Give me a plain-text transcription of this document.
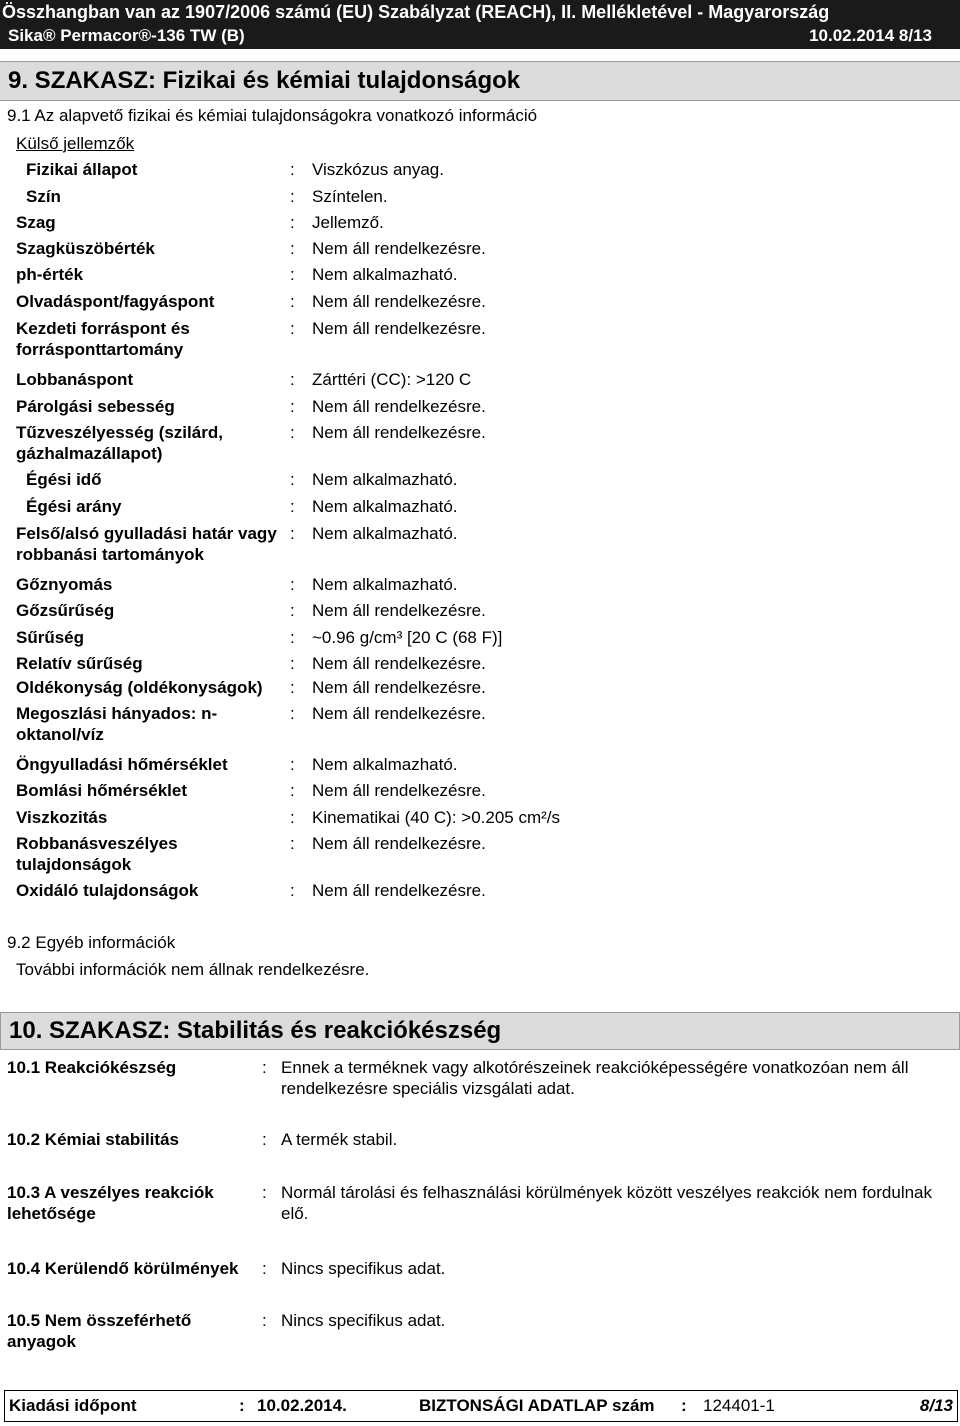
Összhangban van az 1907/2006 számú (EU) Szabályzat (REACH), II. Mellékletével - Magyarország
Sika® Permacor®-136 TW (B)	10.02.2014 8/13
9. SZAKASZ: Fizikai és kémiai tulajdonságok
9.1 Az alapvető fizikai és kémiai tulajdonságokra vonatkozó információ
Külső jellemzők
Fizikai állapot	: Viszkózus anyag.
Szín	: Színtelen.
Szag	: Jellemző.
Szagküszöbérték	: Nem áll rendelkezésre.
ph-érték	: Nem alkalmazható.
Olvadáspont/fagyáspont	: Nem áll rendelkezésre.
Kezdeti forráspont és forrásponttartomány
: Nem áll rendelkezésre.
Lobbanáspont	: Zárttéri (CC): >120 C
Párolgási sebesség	: Nem áll rendelkezésre.
Tűzveszélyesség (szilárd, gázhalmazállapot)
: Nem áll rendelkezésre.
Égési idő	: Nem alkalmazható.
Égési arány	: Nem alkalmazható.
Felső/alsó gyulladási határ vagy robbanási tartományok
: Nem alkalmazható.
Gőznyomás	: Nem alkalmazható.
Gőzsűrűség	: Nem áll rendelkezésre.
Sűrűség	: ~0.96 g/cm³ [20 C (68 F)]
Relatív sűrűség	: Nem áll rendelkezésre.
Oldékonyság (oldékonyságok) : Nem áll rendelkezésre.
Megoszlási hányados: n-oktanol/víz
: Nem áll rendelkezésre.
Öngyulladási hőmérséklet	: Nem alkalmazható.
Bomlási hőmérséklet	: Nem áll rendelkezésre.
Viszkozitás	: Kinematikai (40 C): >0.205 cm²/s
Robbanásveszélyes tulajdonságok
: Nem áll rendelkezésre.
Oxidáló tulajdonságok	: Nem áll rendelkezésre.
9.2 Egyéb információk
További információk nem állnak rendelkezésre.
10. SZAKASZ: Stabilitás és reakciókészség
10.1 Reakciókészség	: Ennek a terméknek vagy alkotórészeinek reakcióképességére vonatkozóan nem áll rendelkezésre speciális vizsgálati adat.
10.2 Kémiai stabilitás	: A termék stabil.
10.3 A veszélyes reakciók lehetősége
: Normál tárolási és felhasználási körülmények között veszélyes reakciók nem fordulnak elő.
10.4 Kerülendő körülmények : Nincs specifikus adat.
10.5 Nem összeférhető anyagok
: Nincs specifikus adat.
Kiadási időpont	: 10.02.2014.	BIZTONSÁGI ADATLAP szám : 124401-1	8/13
